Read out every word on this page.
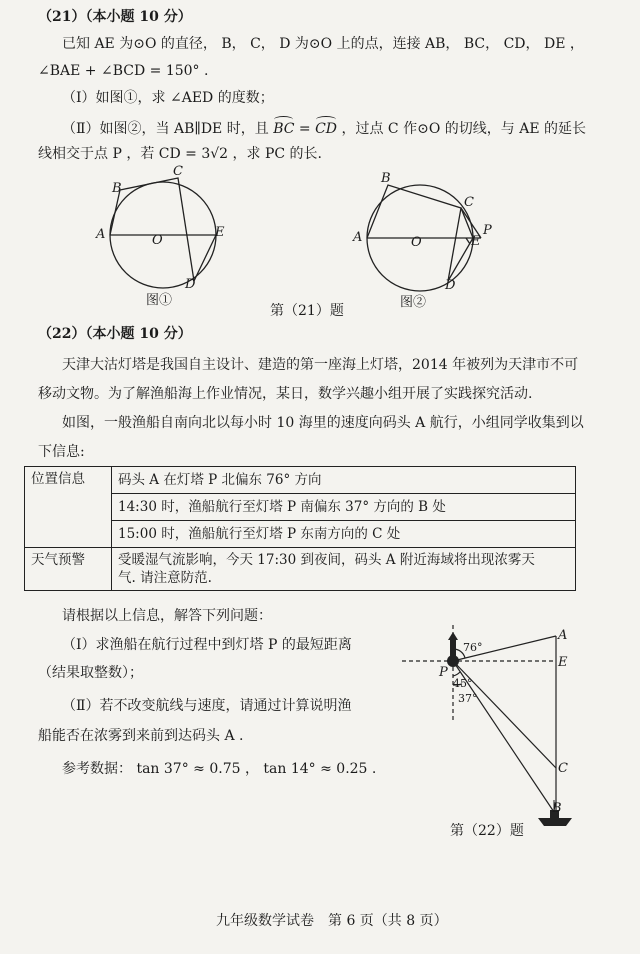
（21）（本小题 10 分）
已知 AE 为⊙O 的直径， B， C， D 为⊙O 上的点，连接 AB， BC， CD， DE ，
∠BAE + ∠BCD = 150° .
（Ⅰ）如图①，求 ∠AED 的度数；
（Ⅱ）如图②，当 AB∥DE 时，且 BC =
CD ，过点 C 作⊙O 的切线，与 AE 的延长
线相交于点 P ，若 CD = 3√2 ，求 PC 的长.
B
C
A	O
E
D
图①
B
C
A	O	E
P
D
图②
第（21）题
（22）（本小题 10 分）
天津大沽灯塔是我国自主设计、建造的第一座海上灯塔，2014 年被列为天津市不可
移动文物。为了解渔船海上作业情况，某日，数学兴趣小组开展了实践探究活动.
如图，一般渔船自南向北以每小时 10 海里的速度向码头 A 航行，小组同学收集到以
下信息:
位置信息	码头 A 在灯塔 P 北偏东 76° 方向
	14:30 时，渔船航行至灯塔 P 南偏东 37° 方向的 B 处
	15:00 时，渔船航行至灯塔 P 东南方向的 C 处
天气预警	受暖湿气流影响，今天 17:30 到夜间，码头 A 附近海域将出现浓雾天
气. 请注意防范.
请根据以上信息，解答下列问题：
（Ⅰ）求渔船在航行过程中到灯塔 P 的最短距离
（结果取整数）；
（Ⅱ）若不改变航线与速度，请通过计算说明渔
船能否在浓雾到来前到达码头 A .
参考数据： tan 37° ≈ 0.75 ， tan 14° ≈ 0.25 .
A
E
C
B
P
76°
45°
37°
第（22）题
九年级数学试卷　第 6 页（共 8 页）
